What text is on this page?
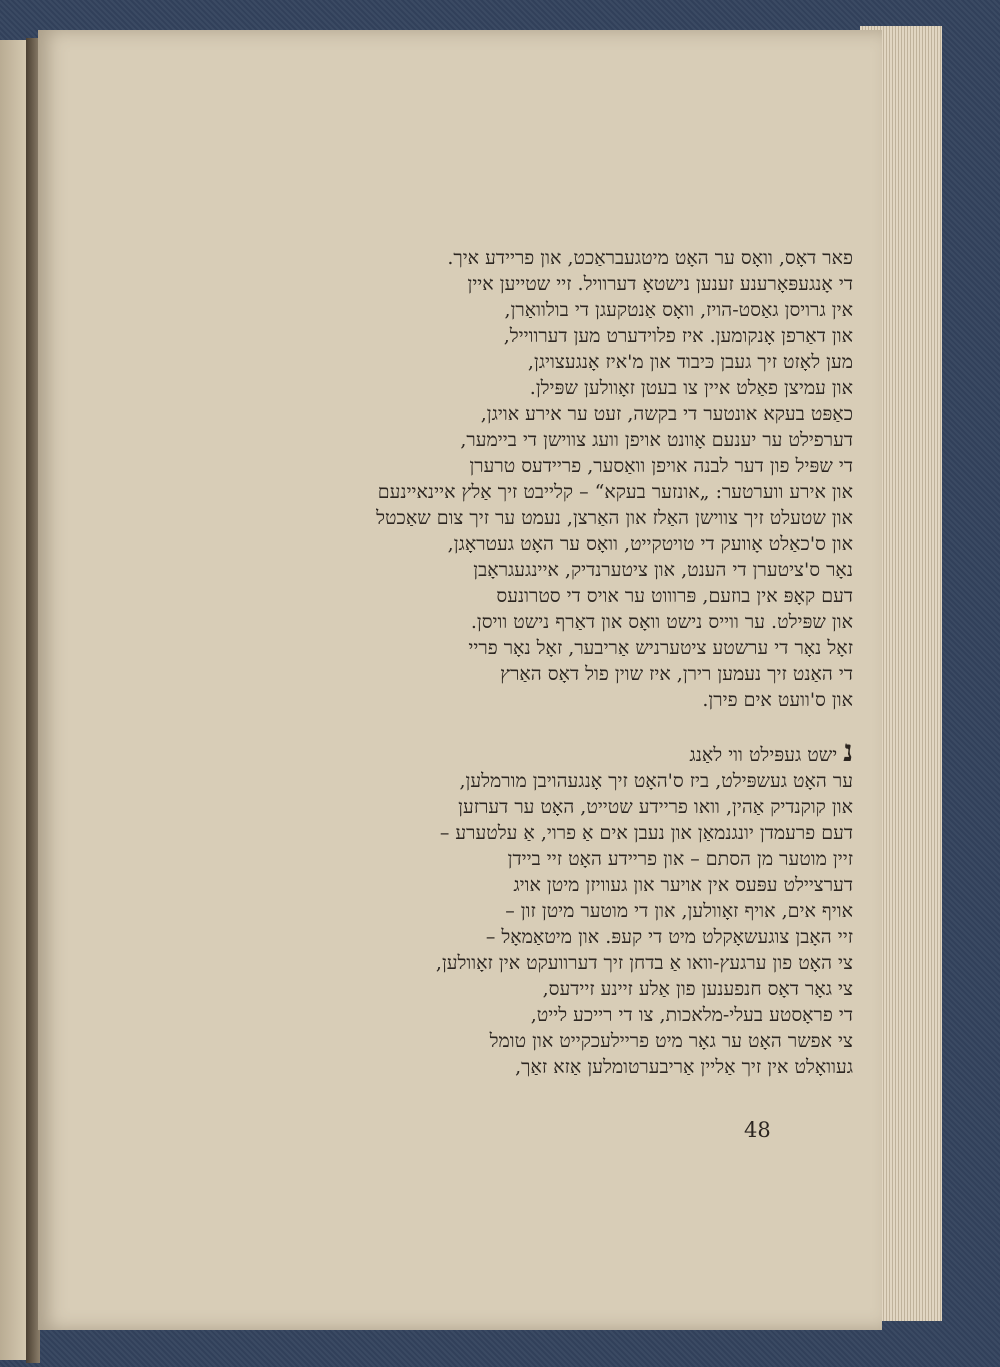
פאר דאָס, וואָס ער האָט מיטגעבראַכט, און פריידע איך.
די אָנגעפּאָרענע זענען נישטאָ דערוויל. זיי שטייען איין
אין גרויסן גאַסט-הויז, וואָס אַנטקעגן די בולוואַרן,
און דאַרפן אָנקומען. איז פלוידערט מען דערווייל,
מען לאָזט זיך געבן כּיבוד און מ'איז אָנגעצויגן,
און עמיצן פאַלט איין צו בעטן זאָוולען שפּילן.
כאַפּט בעקא אונטער די בקשה, זעט ער אירע אויגן,
דערפילט ער יענעם אָוונט אויפן וועג צווישן די ביימער,
די שפּיל פון דער לבנה אויפן וואַסער, פריידעס טרערן
און אירע ווערטער: „אונזער בעקא“ – קלייבט זיך אַלץ איינאיינעם
און שטעלט זיך צווישן האַלז און האַרצן, נעמט ער זיך צום שאַכטל
און ס'כאַלט אָוועק די טויטקייט, וואָס ער האָט געטראָגן,
נאָר ס'ציטערן די הענט, און ציטערנדיק, איינגעגראָבן
דעם קאָפּ אין בוזעם, פּרוווט ער אויס די סטרונעס
און שפּילט. ער ווייס נישט וואָס און דאַרף נישט וויסן.
זאָל נאָר די ערשטע ציטערניש אַריבער, זאָל נאָר פריי
די האַנט זיך נעמען רירן, איז שוין פול דאָס האַרץ
און ס'וועט אים פירן.
נישט געפּילט ווי לאַנג
ער האָט געשפּילט, ביז ס'האָט זיך אָנגעהויבן מורמלען,
און קוקנדיק אַהין, וואו פריידע שטייט, האָט ער דערזען
דעם פרעמדן יונגנמאַן און נעבן אים אַ פרוי, אַ עלטערע –
זיין מוטער מן הסתם – און פריידע האָט זיי ביידן
דערציילט עפּעס אין אויער און געוויזן מיטן אויג
אויף אים, אויף זאָוולען, און די מוטער מיטן זון –
זיי האָבן צוגעשאָקלט מיט די קעפּ. און מיטאַמאָל –
צי האָט פון ערגעץ-וואו אַ בדחן זיך דערוועקט אין זאָוולען,
צי גאָר דאָס חנפענען פון אַלע זיינע זיידעס,
די פראָסטע בעלי-מלאכות, צו די רייכע לייט,
צי אפשר האָט ער גאָר מיט פריילעכקייט און טומל
געוואָלט אין זיך אַליין אַריבערטומלען אַזא זאַך,
48
